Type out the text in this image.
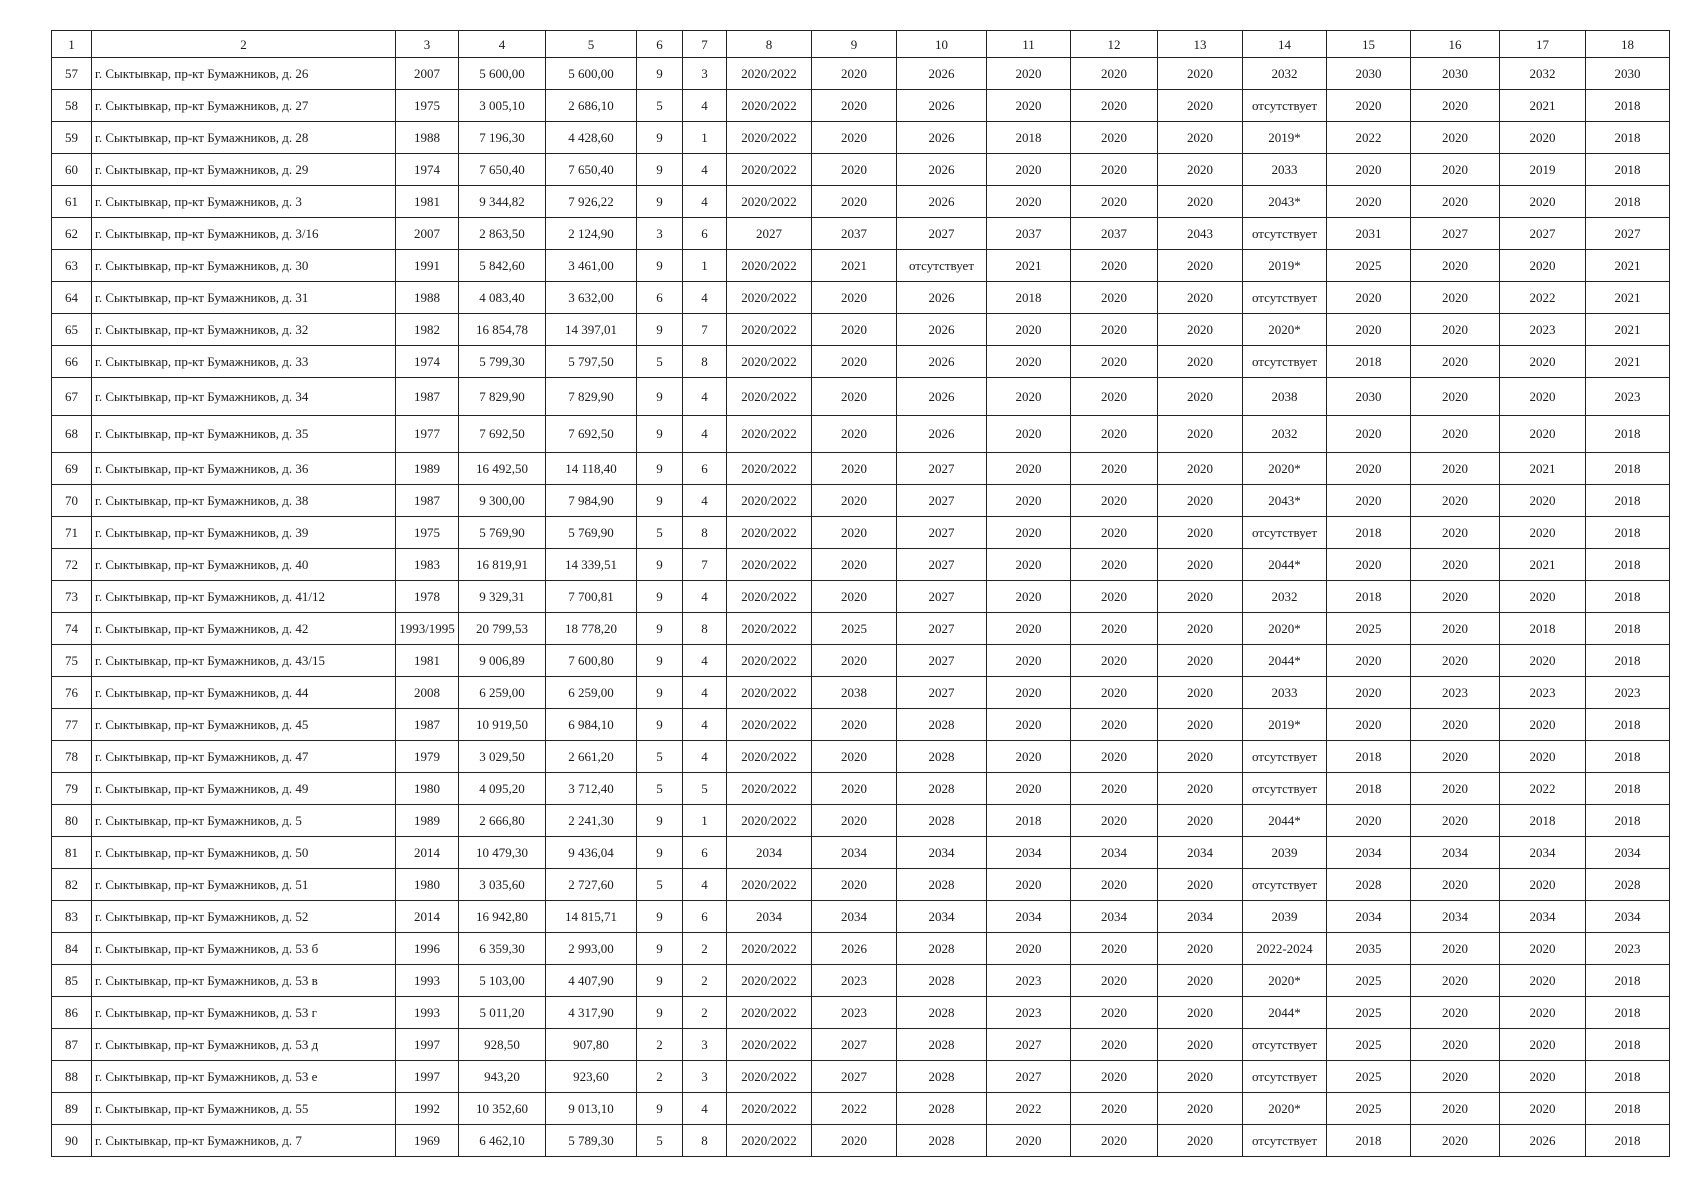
1	2	3	4	5	6	7	8	9	10	11	12	13	14	15	16	17	18
57	г. Сыктывкар, пр-кт Бумажников, д. 26	2007	5 600,00	5 600,00	9	3	2020/2022	2020	2026	2020	2020	2020	2032	2030	2030	2032	2030
58	г. Сыктывкар, пр-кт Бумажников, д. 27	1975	3 005,10	2 686,10	5	4	2020/2022	2020	2026	2020	2020	2020	отсутствует	2020	2020	2021	2018
59	г. Сыктывкар, пр-кт Бумажников, д. 28	1988	7 196,30	4 428,60	9	1	2020/2022	2020	2026	2018	2020	2020	2019*	2022	2020	2020	2018
60	г. Сыктывкар, пр-кт Бумажников, д. 29	1974	7 650,40	7 650,40	9	4	2020/2022	2020	2026	2020	2020	2020	2033	2020	2020	2019	2018
61	г. Сыктывкар, пр-кт Бумажников, д. 3	1981	9 344,82	7 926,22	9	4	2020/2022	2020	2026	2020	2020	2020	2043*	2020	2020	2020	2018
62	г. Сыктывкар, пр-кт Бумажников, д. 3/16	2007	2 863,50	2 124,90	3	6	2027	2037	2027	2037	2037	2043	отсутствует	2031	2027	2027	2027
63	г. Сыктывкар, пр-кт Бумажников, д. 30	1991	5 842,60	3 461,00	9	1	2020/2022	2021	отсутствует	2021	2020	2020	2019*	2025	2020	2020	2021
64	г. Сыктывкар, пр-кт Бумажников, д. 31	1988	4 083,40	3 632,00	6	4	2020/2022	2020	2026	2018	2020	2020	отсутствует	2020	2020	2022	2021
65	г. Сыктывкар, пр-кт Бумажников, д. 32	1982	16 854,78	14 397,01	9	7	2020/2022	2020	2026	2020	2020	2020	2020*	2020	2020	2023	2021
66	г. Сыктывкар, пр-кт Бумажников, д. 33	1974	5 799,30	5 797,50	5	8	2020/2022	2020	2026	2020	2020	2020	отсутствует	2018	2020	2020	2021
67	г. Сыктывкар, пр-кт Бумажников, д. 34	1987	7 829,90	7 829,90	9	4	2020/2022	2020	2026	2020	2020	2020	2038	2030	2020	2020	2023
68	г. Сыктывкар, пр-кт Бумажников, д. 35	1977	7 692,50	7 692,50	9	4	2020/2022	2020	2026	2020	2020	2020	2032	2020	2020	2020	2018
69	г. Сыктывкар, пр-кт Бумажников, д. 36	1989	16 492,50	14 118,40	9	6	2020/2022	2020	2027	2020	2020	2020	2020*	2020	2020	2021	2018
70	г. Сыктывкар, пр-кт Бумажников, д. 38	1987	9 300,00	7 984,90	9	4	2020/2022	2020	2027	2020	2020	2020	2043*	2020	2020	2020	2018
71	г. Сыктывкар, пр-кт Бумажников, д. 39	1975	5 769,90	5 769,90	5	8	2020/2022	2020	2027	2020	2020	2020	отсутствует	2018	2020	2020	2018
72	г. Сыктывкар, пр-кт Бумажников, д. 40	1983	16 819,91	14 339,51	9	7	2020/2022	2020	2027	2020	2020	2020	2044*	2020	2020	2021	2018
73	г. Сыктывкар, пр-кт Бумажников, д. 41/12	1978	9 329,31	7 700,81	9	4	2020/2022	2020	2027	2020	2020	2020	2032	2018	2020	2020	2018
74	г. Сыктывкар, пр-кт Бумажников, д. 42	1993/1995	20 799,53	18 778,20	9	8	2020/2022	2025	2027	2020	2020	2020	2020*	2025	2020	2018	2018
75	г. Сыктывкар, пр-кт Бумажников, д. 43/15	1981	9 006,89	7 600,80	9	4	2020/2022	2020	2027	2020	2020	2020	2044*	2020	2020	2020	2018
76	г. Сыктывкар, пр-кт Бумажников, д. 44	2008	6 259,00	6 259,00	9	4	2020/2022	2038	2027	2020	2020	2020	2033	2020	2023	2023	2023
77	г. Сыктывкар, пр-кт Бумажников, д. 45	1987	10 919,50	6 984,10	9	4	2020/2022	2020	2028	2020	2020	2020	2019*	2020	2020	2020	2018
78	г. Сыктывкар, пр-кт Бумажников, д. 47	1979	3 029,50	2 661,20	5	4	2020/2022	2020	2028	2020	2020	2020	отсутствует	2018	2020	2020	2018
79	г. Сыктывкар, пр-кт Бумажников, д. 49	1980	4 095,20	3 712,40	5	5	2020/2022	2020	2028	2020	2020	2020	отсутствует	2018	2020	2022	2018
80	г. Сыктывкар, пр-кт Бумажников, д. 5	1989	2 666,80	2 241,30	9	1	2020/2022	2020	2028	2018	2020	2020	2044*	2020	2020	2018	2018
81	г. Сыктывкар, пр-кт Бумажников, д. 50	2014	10 479,30	9 436,04	9	6	2034	2034	2034	2034	2034	2034	2039	2034	2034	2034	2034
82	г. Сыктывкар, пр-кт Бумажников, д. 51	1980	3 035,60	2 727,60	5	4	2020/2022	2020	2028	2020	2020	2020	отсутствует	2028	2020	2020	2028
83	г. Сыктывкар, пр-кт Бумажников, д. 52	2014	16 942,80	14 815,71	9	6	2034	2034	2034	2034	2034	2034	2039	2034	2034	2034	2034
84	г. Сыктывкар, пр-кт Бумажников, д. 53 б	1996	6 359,30	2 993,00	9	2	2020/2022	2026	2028	2020	2020	2020	2022-2024	2035	2020	2020	2023
85	г. Сыктывкар, пр-кт Бумажников, д. 53 в	1993	5 103,00	4 407,90	9	2	2020/2022	2023	2028	2023	2020	2020	2020*	2025	2020	2020	2018
86	г. Сыктывкар, пр-кт Бумажников, д. 53 г	1993	5 011,20	4 317,90	9	2	2020/2022	2023	2028	2023	2020	2020	2044*	2025	2020	2020	2018
87	г. Сыктывкар, пр-кт Бумажников, д. 53 д	1997	928,50	907,80	2	3	2020/2022	2027	2028	2027	2020	2020	отсутствует	2025	2020	2020	2018
88	г. Сыктывкар, пр-кт Бумажников, д. 53 е	1997	943,20	923,60	2	3	2020/2022	2027	2028	2027	2020	2020	отсутствует	2025	2020	2020	2018
89	г. Сыктывкар, пр-кт Бумажников, д. 55	1992	10 352,60	9 013,10	9	4	2020/2022	2022	2028	2022	2020	2020	2020*	2025	2020	2020	2018
90	г. Сыктывкар, пр-кт Бумажников, д. 7	1969	6 462,10	5 789,30	5	8	2020/2022	2020	2028	2020	2020	2020	отсутствует	2018	2020	2026	2018
